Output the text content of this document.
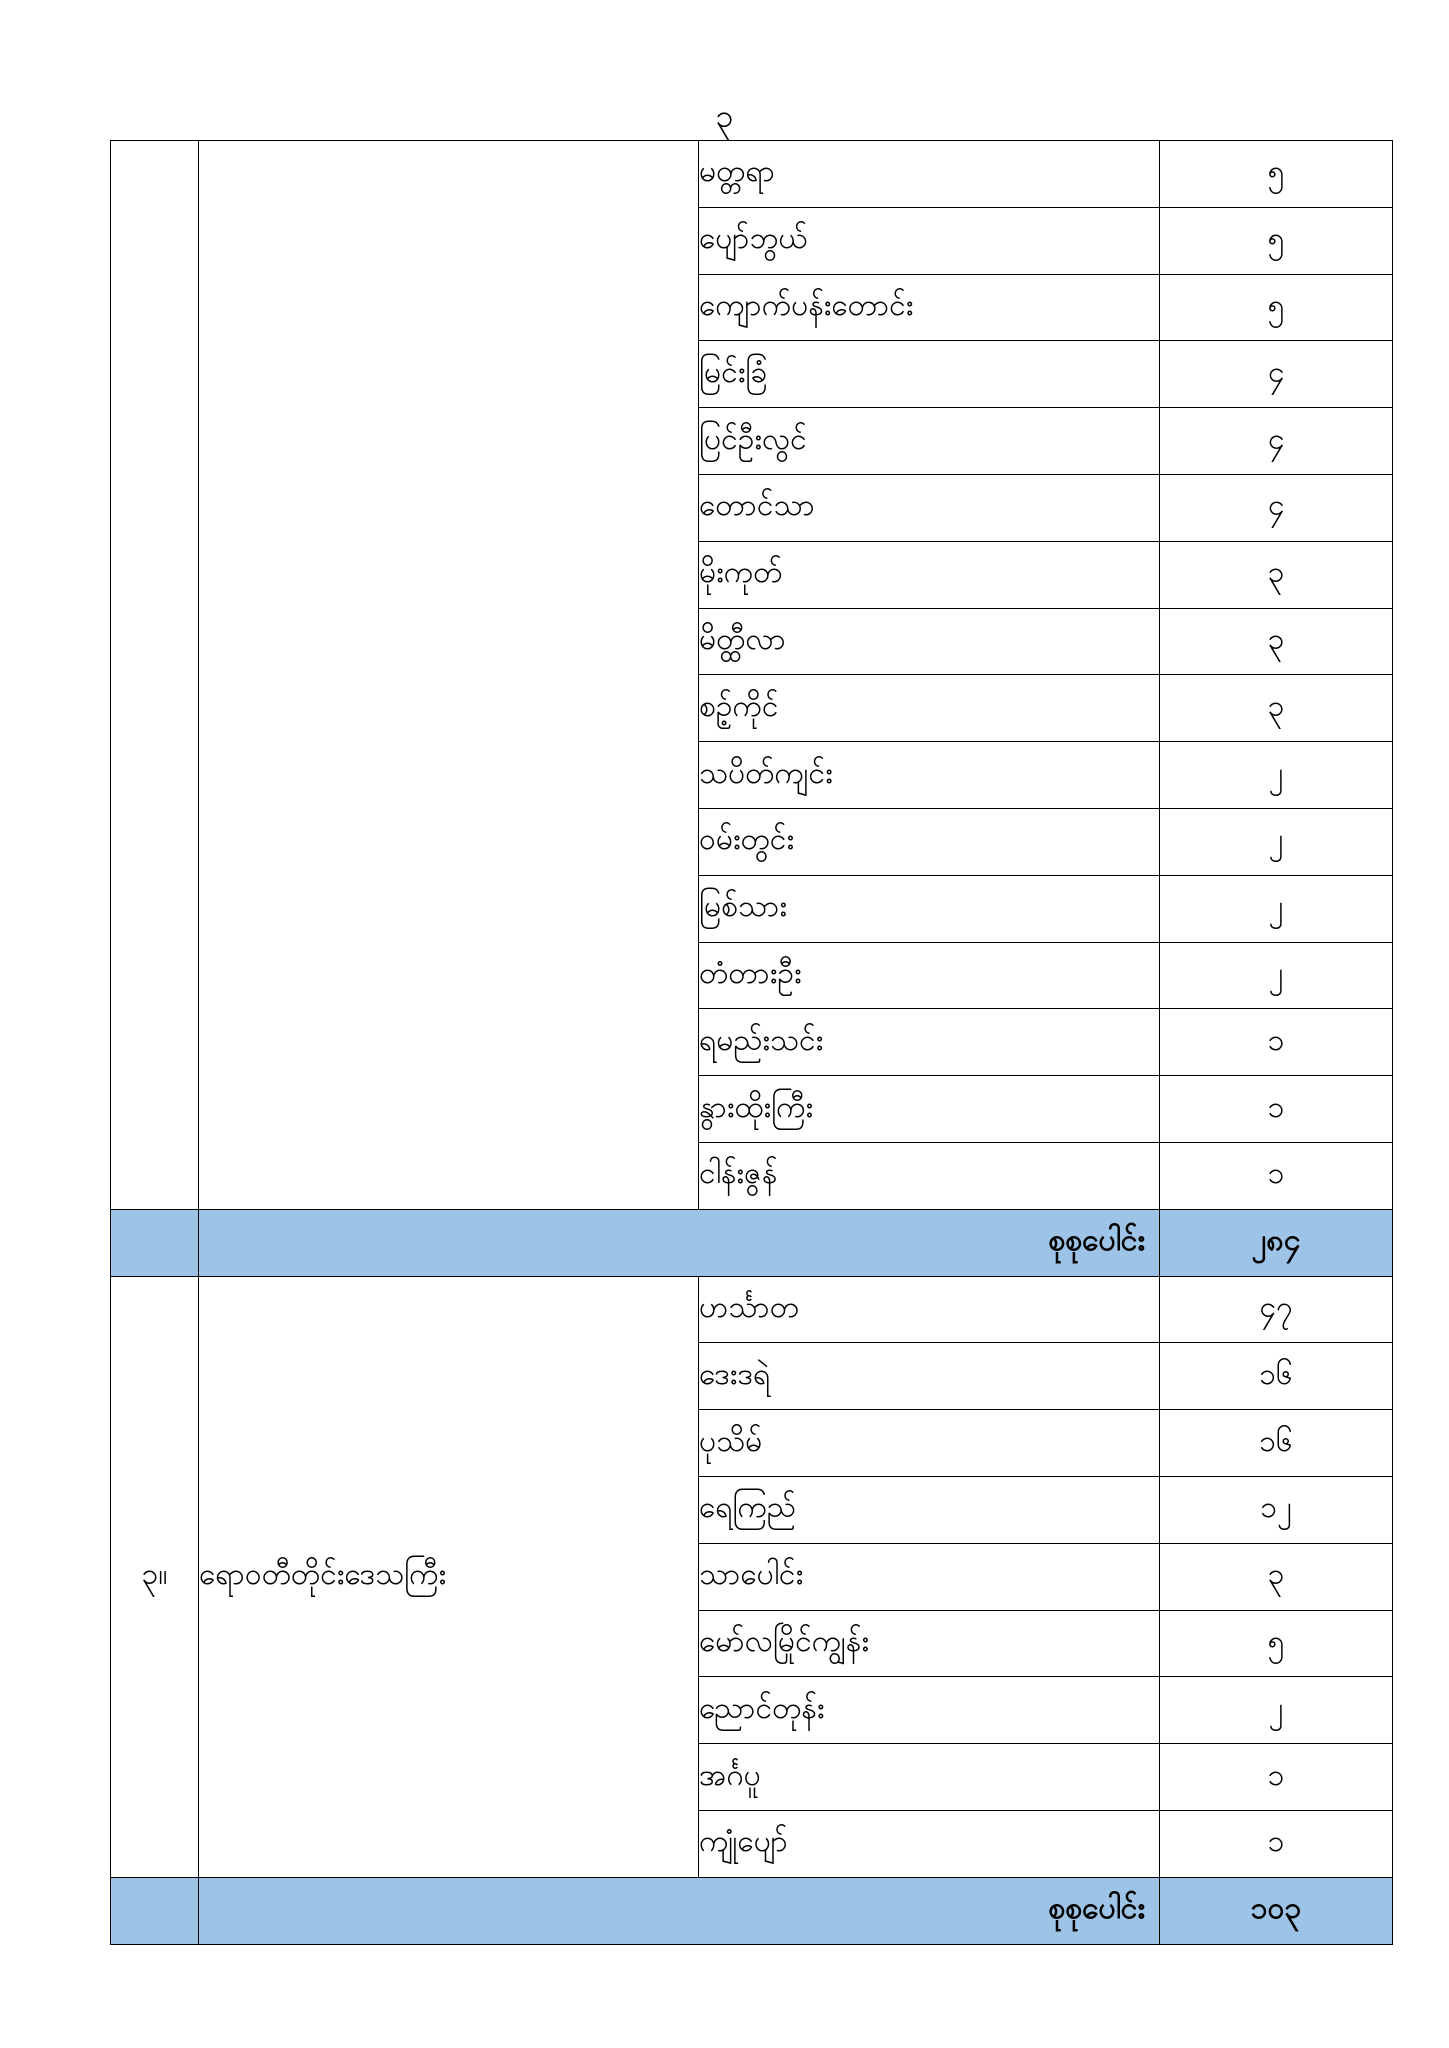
၃
		မတ္တရာ	၅
		ပျော်ဘွယ်	၅
		ကျောက်ပန်းတောင်း	၅
		မြင်းခြံ	၄
		ပြင်ဦးလွင်	၄
		တောင်သာ	၄
		မိုးကုတ်	၃
		မိတ္ထီလာ	၃
		စဉ့်ကိုင်	၃
		သပိတ်ကျင်း	၂
		ဝမ်းတွင်း	၂
		မြစ်သား	၂
		တံတားဦး	၂
		ရမည်းသင်း	၁
		နွားထိုးကြီး	၁
		ငါန်းဇွန်	၁
	စုစုပေါင်း		၂၈၄
၃။	ရောဝတီတိုင်းဒေသကြီး	ဟင်္သာတ	၄၇
		ဒေးဒရဲ	၁၆
		ပုသိမ်	၁၆
		ရေကြည်	၁၂
		သာပေါင်း	၃
		မော်လမြိုင်ကျွန်း	၅
		ညောင်တုန်း	၂
		အင်္ဂပူ	၁
		ကျုံပျော်	၁
	စုစုပေါင်း		၁၀၃
